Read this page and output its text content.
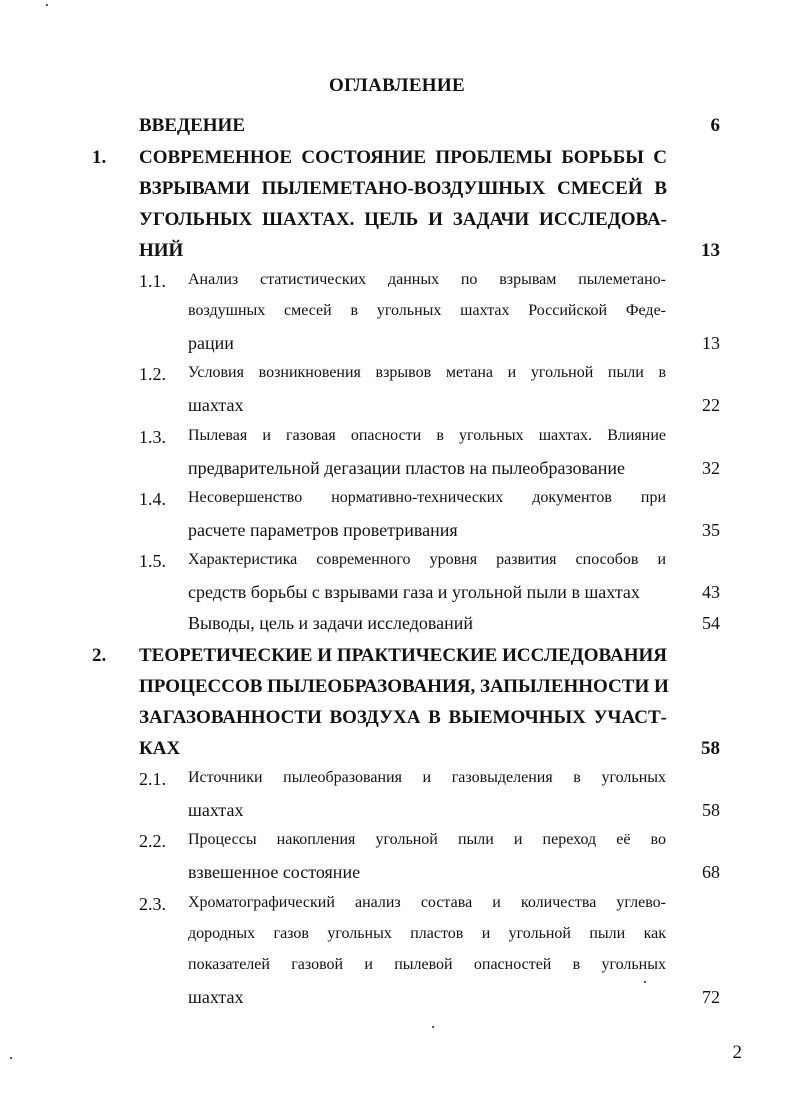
ОГЛАВЛЕНИЕ
ВВЕДЕНИЕ	6
1. СОВРЕМЕННОЕ СОСТОЯНИЕ ПРОБЛЕМЫ БОРЬБЫ С
ВЗРЫВАМИ ПЫЛЕМЕТАНО-ВОЗДУШНЫХ СМЕСЕЙ В
УГОЛЬНЫХ ШАХТАХ. ЦЕЛЬ И ЗАДАЧИ ИССЛЕДОВА-
НИЙ	13
1.1. Анализ статистических данных по взрывам пылеметано-
воздушных смесей в угольных шахтах Российской Феде-
рации	13
1.2. Условия возникновения взрывов метана и угольной пыли в
шахтах	22
1.3. Пылевая и газовая опасности в угольных шахтах. Влияние
предварительной дегазации пластов на пылеобразование	32
1.4. Несовершенство нормативно-технических документов при
расчете параметров проветривания	35
1.5. Характеристика современного уровня развития способов и
средств борьбы с взрывами газа и угольной пыли в шахтах	43
Выводы, цель и задачи исследований	54
2. ТЕОРЕТИЧЕСКИЕ И ПРАКТИЧЕСКИЕ ИССЛЕДОВАНИЯ
ПРОЦЕССОВ ПЫЛЕОБРАЗОВАНИЯ, ЗАПЫЛЕННОСТИ И
ЗАГАЗОВАННОСТИ ВОЗДУХА В ВЫЕМОЧНЫХ УЧАСТ-
КАХ	58
2.1. Источники пылеобразования и газовыделения в угольных
шахтах	58
2.2. Процессы накопления угольной пыли и переход её во
взвешенное состояние	68
2.3. Хроматографический анализ состава и количества углево-
дородных газов угольных пластов и угольной пыли как
показателей газовой и пылевой опасностей в угольных
шахтах	72
2
